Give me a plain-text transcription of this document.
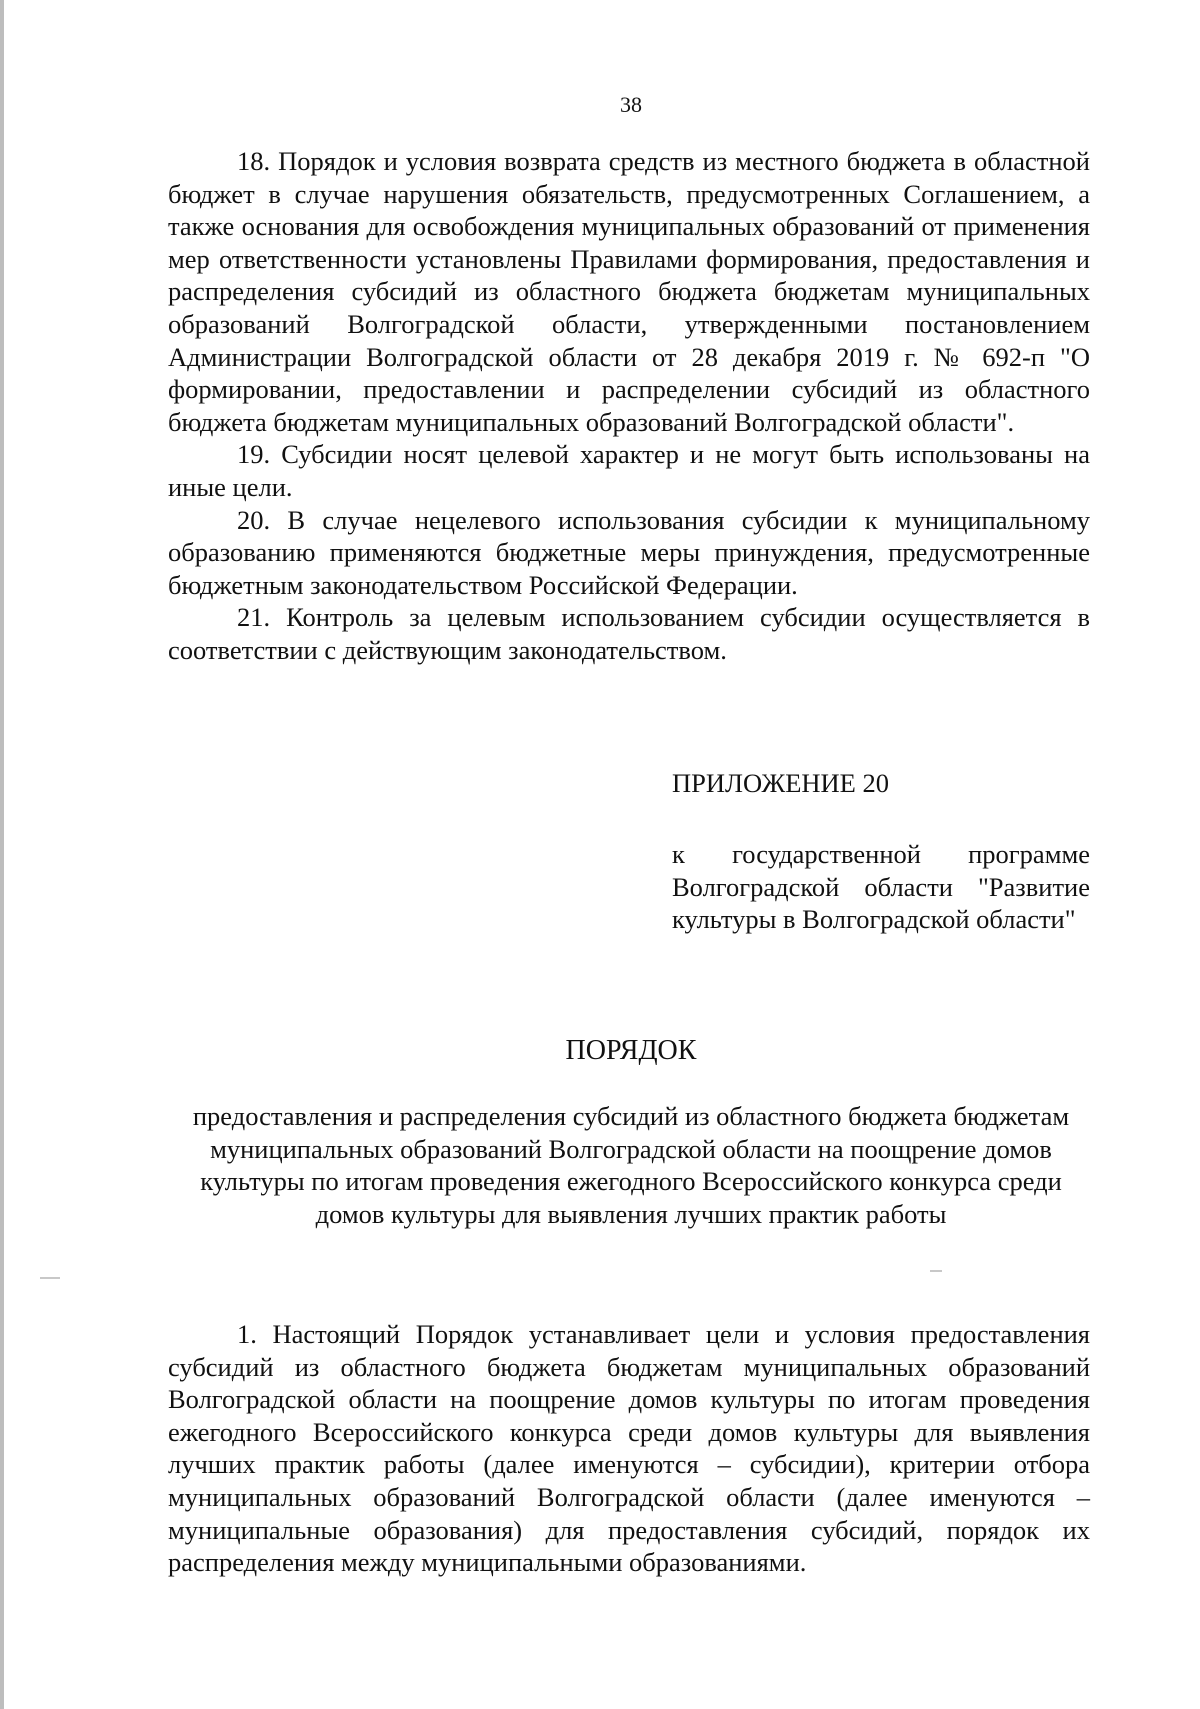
38

18. Порядок и условия возврата средств из местного бюджета в областной бюджет в случае нарушения обязательств, предусмотренных Соглашением, а также основания для освобождения муниципальных образований от применения мер ответственности установлены Правилами формирования, предоставления и распределения субсидий из областного бюджета бюджетам муниципальных образований Волгоградской области, утвержденными постановлением Администрации Волгоградской области от 28 декабря 2019 г. № 692-п "О формировании, предоставлении и распределении субсидий из областного бюджета бюджетам муниципальных образований Волгоградской области".

19. Субсидии носят целевой характер и не могут быть использованы на иные цели.

20. В случае нецелевого использования субсидии к муниципальному образованию применяются бюджетные меры принуждения, предусмотренные бюджетным законодательством Российской Федерации.

21. Контроль за целевым использованием субсидии осуществляется в соответствии с действующим законодательством.

ПРИЛОЖЕНИЕ 20

к государственной программе Волгоградской области "Развитие культуры в Волгоградской области"

ПОРЯДОК
предоставления и распределения субсидий из областного бюджета бюджетам муниципальных образований Волгоградской области на поощрение домов культуры по итогам проведения ежегодного Всероссийского конкурса среди домов культуры для выявления лучших практик работы

1. Настоящий Порядок устанавливает цели и условия предоставления субсидий из областного бюджета бюджетам муниципальных образований Волгоградской области на поощрение домов культуры по итогам проведения ежегодного Всероссийского конкурса среди домов культуры для выявления лучших практик работы (далее именуются – субсидии), критерии отбора муниципальных образований Волгоградской области (далее именуются – муниципальные образования) для предоставления субсидий, порядок их распределения между муниципальными образованиями.
